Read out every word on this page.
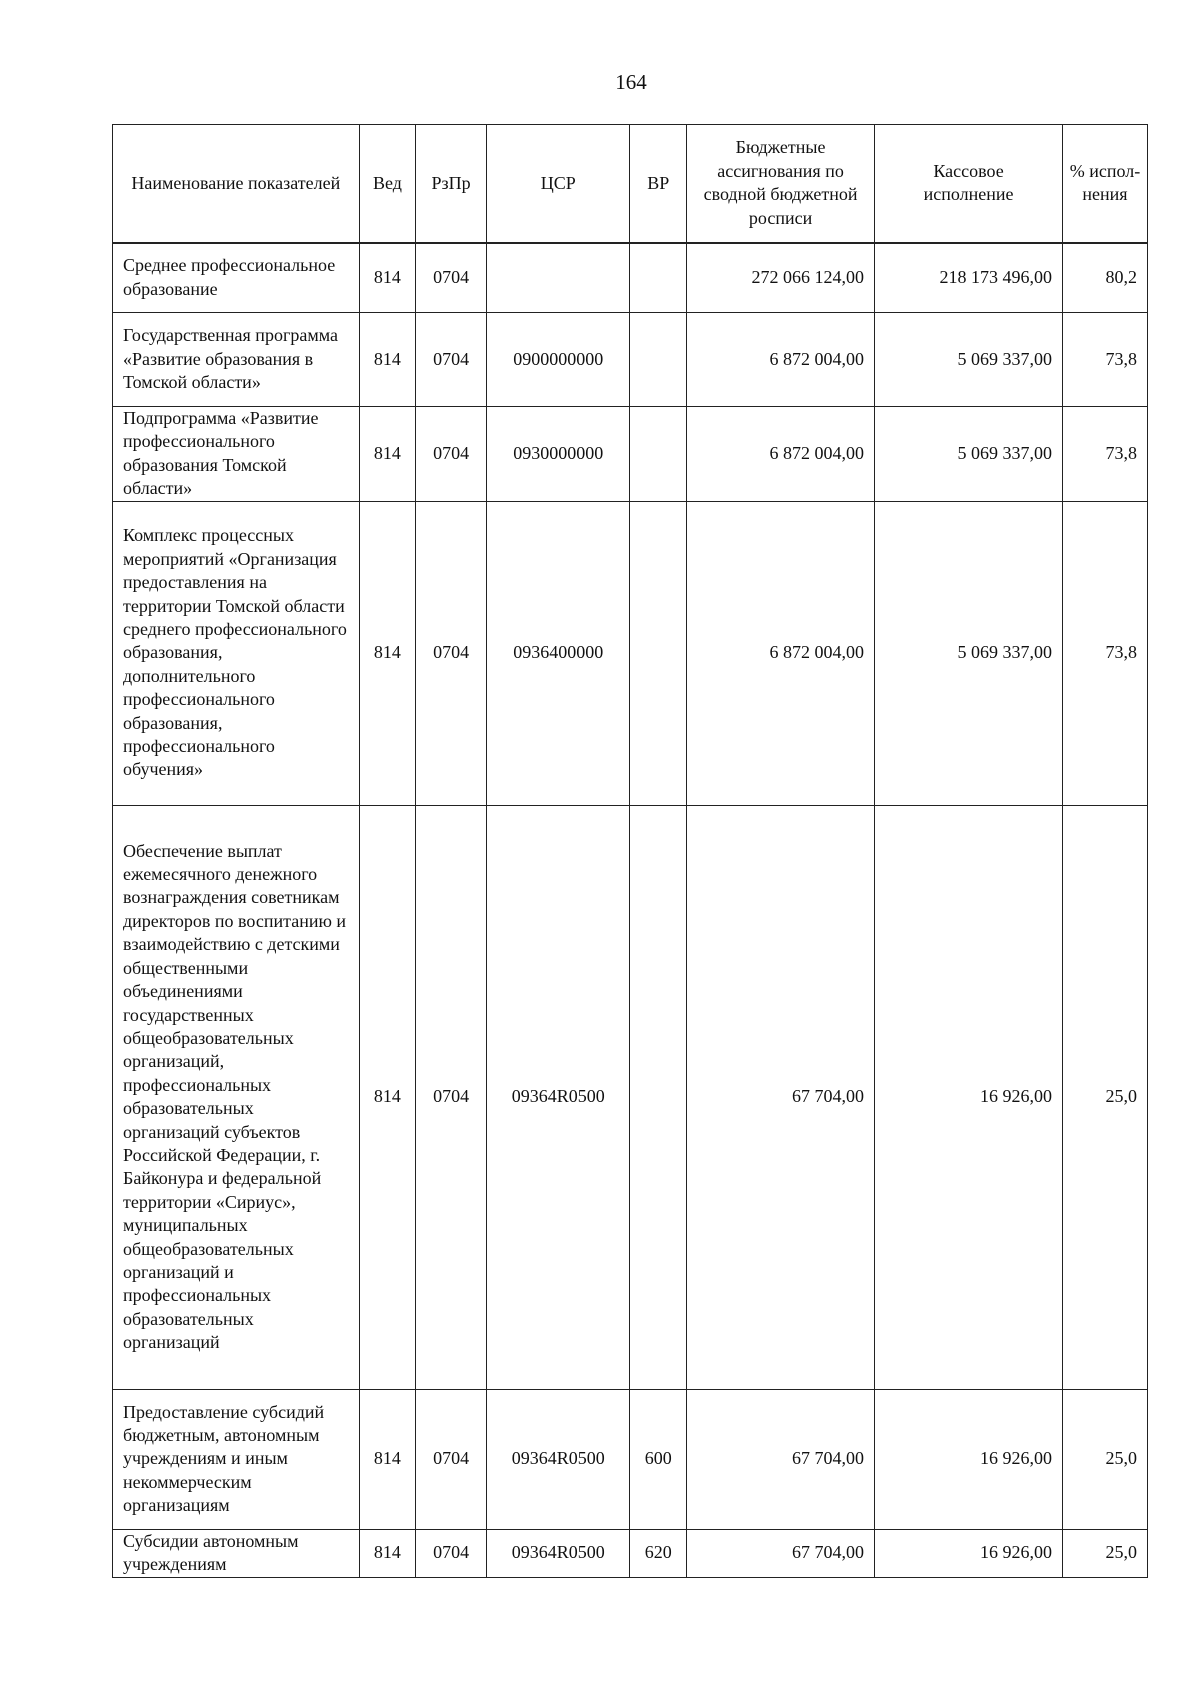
164
Наименование показателей	Вед	РзПр	ЦСР	ВР	Бюджетные ассигнования по сводной бюджетной росписи	Кассовое исполнение	% испол-нения
Среднее профессиональное образование	814	0704			272 066 124,00	218 173 496,00	80,2
Государственная программа «Развитие образования в Томской области»	814	0704	0900000000		6 872 004,00	5 069 337,00	73,8
Подпрограмма «Развитие профессионального образования Томской области»	814	0704	0930000000		6 872 004,00	5 069 337,00	73,8
Комплекс процессных мероприятий «Организация предоставления на территории Томской области среднего профессионального образования, дополнительного профессионального образования, профессионального обучения»	814	0704	0936400000		6 872 004,00	5 069 337,00	73,8
Обеспечение выплат ежемесячного денежного вознаграждения советникам директоров по воспитанию и взаимодействию с детскими общественными объединениями государственных общеобразовательных организаций, профессиональных образовательных организаций субъектов Российской Федерации, г. Байконура и федеральной территории «Сириус», муниципальных общеобразовательных организаций и профессиональных образовательных организаций	814	0704	09364R0500		67 704,00	16 926,00	25,0
Предоставление субсидий бюджетным, автономным учреждениям и иным некоммерческим организациям	814	0704	09364R0500	600	67 704,00	16 926,00	25,0
Субсидии автономным учреждениям	814	0704	09364R0500	620	67 704,00	16 926,00	25,0
